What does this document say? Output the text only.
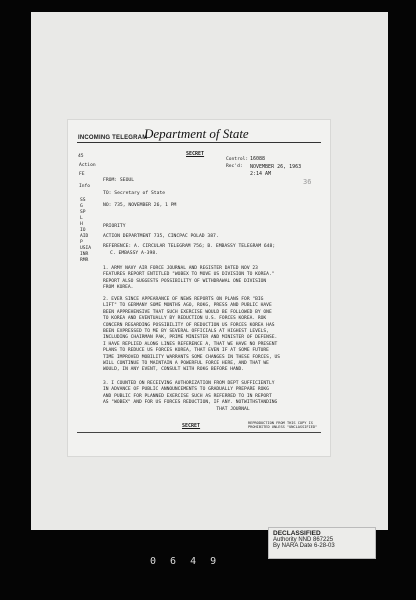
INCOMING TELEGRAM
Department of State
SECRET
45
Action
FE
Info
Control:
Rec'd:
16088
NOVEMBER 26, 1963
2:14 AM
36
SS
G
SP
L
H
IO
AID
P
USIA
INR
RMR
FROM: SEOUL
TO: Secretary of State
NO: 735, NOVEMBER 26, 1 PM
PRIORITY
ACTION DEPARTMENT 735, CINCPAC POLAD 387.
REFERENCE: A. CIRCULAR TELEGRAM 756; B. EMBASSY TELEGRAM 648;
C. EMBASSY A-398.
1. ARMY NAVY AIR FORCE JOURNAL AND REGISTER DATED NOV 23
FEATURES REPORT ENTITLED "WOBEX TO MOVE US DIVISION TO KOREA."
REPORT ALSO SUGGESTS POSSIBILITY OF WITHDRAWAL ONE DIVISION
FROM KOREA.
2. EVER SINCE APPEARANCE OF NEWS REPORTS ON PLANS FOR "BIG
LIFT" TO GERMANY SOME MONTHS AGO, ROKG, PRESS AND PUBLIC HAVE
BEEN APPREHENSIVE THAT SUCH EXERCISE WOULD BE FOLLOWED BY ONE
TO KOREA AND EVENTUALLY BY REDUCTION U.S. FORCES KOREA. ROK
CONCERN REGARDING POSSIBILITY OF REDUCTION US FORCES KOREA HAS
BEEN EXPRESSED TO ME BY SEVERAL OFFICIALS AT HIGHEST LEVELS,
INCLUDING CHAIRMAN PAK, PRIME MINISTER AND MINISTER OF DEFENSE.
I HAVE REPLIED ALONG LINES REFERENCE A, THAT WE HAVE NO PRESENT
PLANS TO REDUCE US FORCES KOREA, THAT EVEN IF AT SOME FUTURE
TIME IMPROVED MOBILITY WARRANTS SOME CHANGES IN THESE FORCES, US
WILL CONTINUE TO MAINTAIN A POWERFUL FORCE HERE, AND THAT WE
WOULD, IN ANY EVENT, CONSULT WITH ROKG BEFORE HAND.
3. I COUNTED ON RECEIVING AUTHORIZATION FROM DEPT SUFFICIENTLY
IN ADVANCE OF PUBLIC ANNOUNCEMENTS TO GRADUALLY PREPARE ROKG
AND PUBLIC FOR PLANNED EXERCISE SUCH AS REFERRED TO IN REPORT
AS "WOBEX" AND FOR US FORCES REDUCTION, IF ANY. NOTWITHSTANDING
THAT JOURNAL
SECRET	REPRODUCTION FROM THIS COPY IS
PROHIBITED UNLESS "UNCLASSIFIED"
0 6 4 9
DECLASSIFIED
Authority NND 867225
By NARA Date 6-28-03
